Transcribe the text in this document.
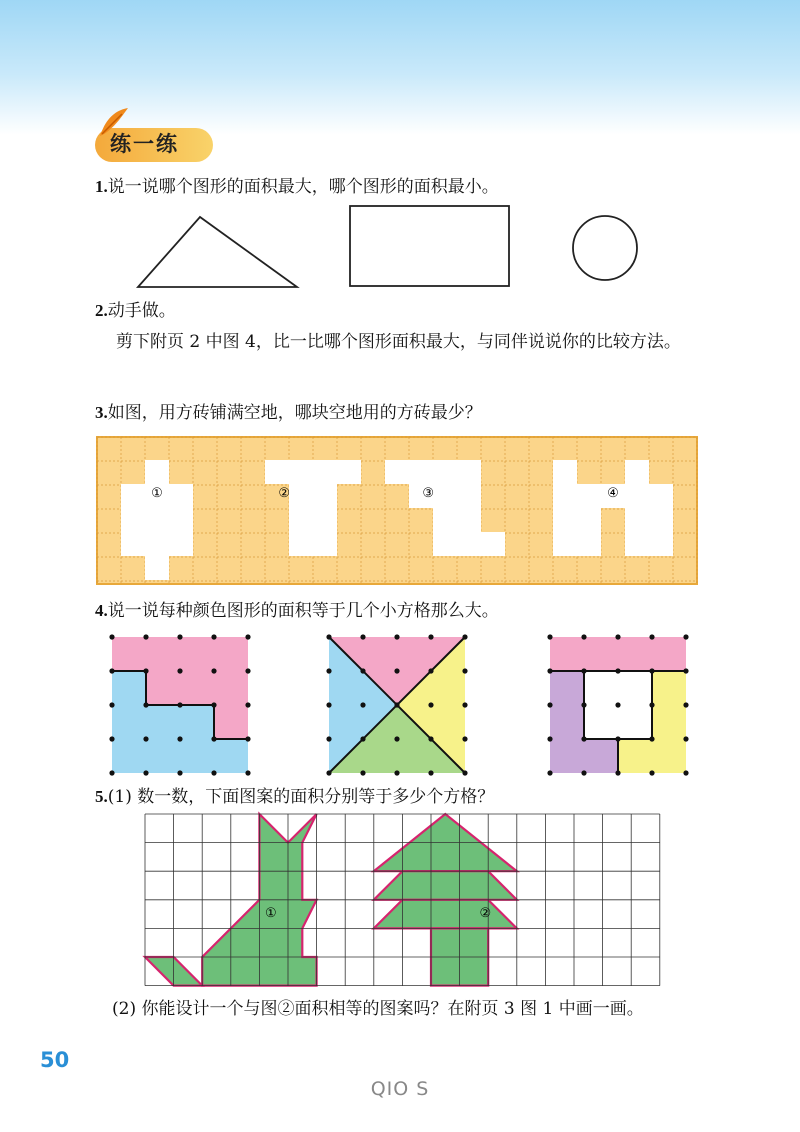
练一练
1.说一说哪个图形的面积最大，哪个图形的面积最小。
2.动手做。
剪下附页 2 中图 4，比一比哪个图形面积最大，与同伴说说你的比较方法。
3.如图，用方砖铺满空地，哪块空地用的方砖最少？
①	②	③	④
4.说一说每种颜色图形的面积等于几个小方格那么大。
5.(1) 数一数，下面图案的面积分别等于多少个方格？
①	②
(2) 你能设计一个与图②面积相等的图案吗？在附页 3 图 1 中画一画。
50
QIO S
